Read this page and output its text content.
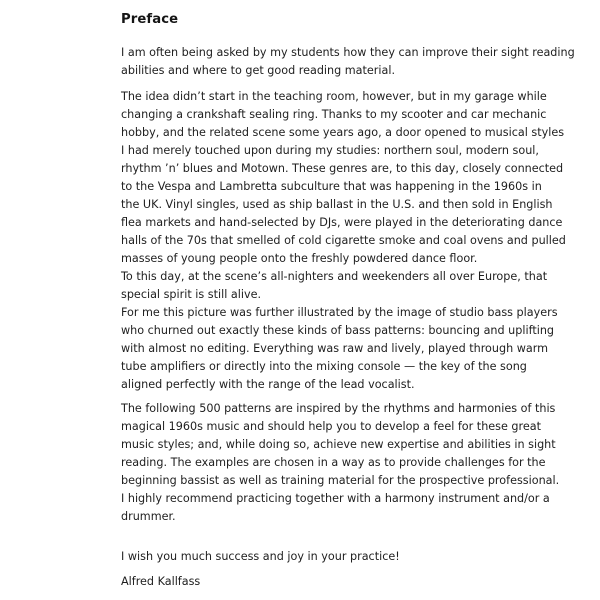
Preface
I am often being asked by my students how they can improve their sight reading
abilities and where to get good reading material.
The idea didn’t start in the teaching room, however, but in my garage while
changing a crankshaft sealing ring. Thanks to my scooter and car mechanic
hobby, and the related scene some years ago, a door opened to musical styles
I had merely touched upon during my studies: northern soul, modern soul,
rhythm ’n’ blues and Motown. These genres are, to this day, closely connected
to the Vespa and Lambretta subculture that was happening in the 1960s in
the UK. Vinyl singles, used as ship ballast in the U.S. and then sold in English
flea markets and hand-selected by DJs, were played in the deteriorating dance
halls of the 70s that smelled of cold cigarette smoke and coal ovens and pulled
masses of young people onto the freshly powdered dance floor.
To this day, at the scene’s all-nighters and weekenders all over Europe, that
special spirit is still alive.
For me this picture was further illustrated by the image of studio bass players
who churned out exactly these kinds of bass patterns: bouncing and uplifting
with almost no editing. Everything was raw and lively, played through warm
tube amplifiers or directly into the mixing console — the key of the song
aligned perfectly with the range of the lead vocalist.
The following 500 patterns are inspired by the rhythms and harmonies of this
magical 1960s music and should help you to develop a feel for these great
music styles; and, while doing so, achieve new expertise and abilities in sight
reading. The examples are chosen in a way as to provide challenges for the
beginning bassist as well as training material for the prospective professional.
I highly recommend practicing together with a harmony instrument and/or a
drummer.
I wish you much success and joy in your practice!
Alfred Kallfass
